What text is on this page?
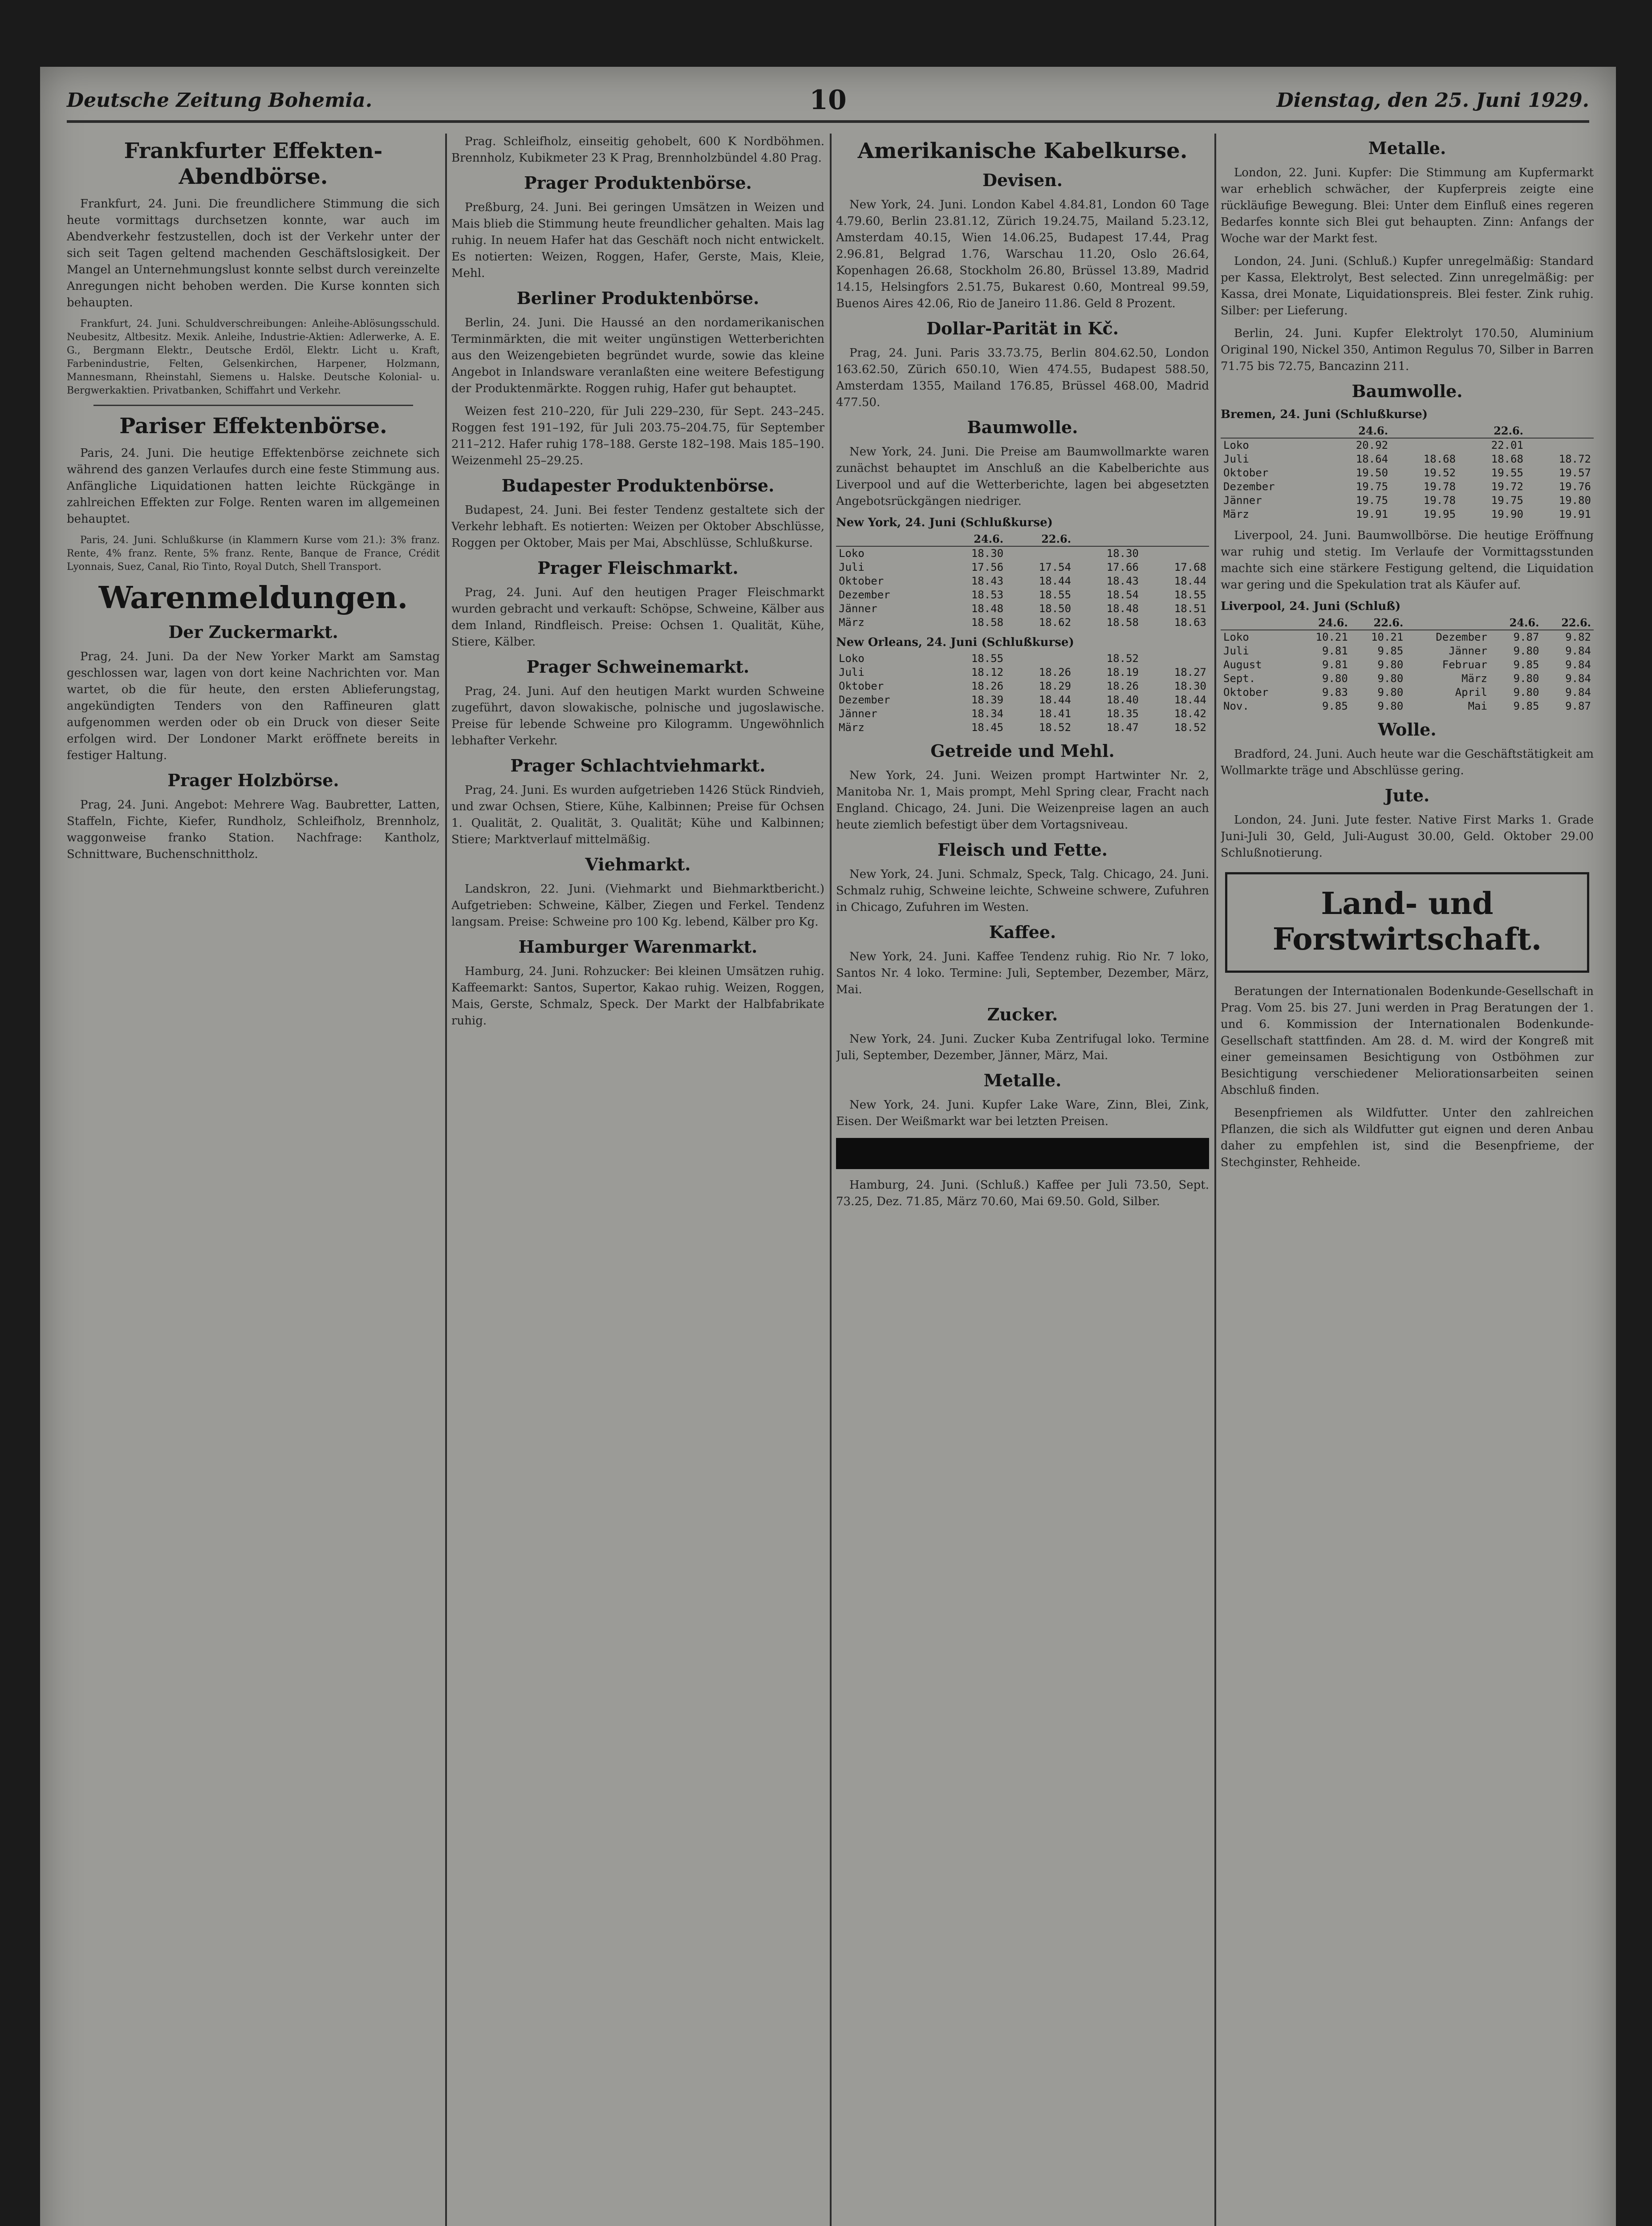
Deutsche Zeitung Bohemia.	10	Dienstag, den 25. Juni 1929.
Frankfurter Effekten-Abendbörse.

Frankfurt, 24. Juni. Die freundlichere Stimmung die sich heute vormittags durchsetzen konnte, war auch im Abendverkehr festzustellen, doch ist der Verkehr unter der sich seit Tagen geltend machenden Geschäftslosigkeit. Der Mangel an Unternehmungslust konnte selbst durch vereinzelte Anregungen nicht behoben werden. Die Kurse konnten sich behaupten.

Frankfurt, 24. Juni. Schuldverschreibungen: Anleihe-Ablösungsschuld. Neubesitz, Altbesitz. Mexik. Anleihe, Industrie-Aktien: Adlerwerke, A. E. G., Bergmann Elektr., Deutsche Erdöl, Elektr. Licht u. Kraft, Farbenindustrie, Felten, Gelsenkirchen, Harpener, Holzmann, Mannesmann, Rheinstahl, Siemens u. Halske. Deutsche Kolonial- u. Bergwerkaktien. Privatbanken, Schiffahrt und Verkehr.

Pariser Effektenbörse.

Paris, 24. Juni. Die heutige Effektenbörse zeichnete sich während des ganzen Verlaufes durch eine feste Stimmung aus. Anfängliche Liquidationen hatten leichte Rückgänge in zahlreichen Effekten zur Folge. Renten waren im allgemeinen behauptet.

Paris, 24. Juni. Schlußkurse (in Klammern Kurse vom 21.): 3% franz. Rente, 4% franz. Rente, 5% franz. Rente, Banque de France, Crédit Lyonnais, Suez, Canal, Rio Tinto, Royal Dutch, Shell Transport.

Warenmeldungen.
Der Zuckermarkt.

Prag, 24. Juni. Da der New Yorker Markt am Samstag geschlossen war, lagen von dort keine Nachrichten vor. Man wartet, ob die für heute, den ersten Ablieferungstag, angekündigten Tenders von den Raffineuren glatt aufgenommen werden oder ob ein Druck von dieser Seite erfolgen wird. Der Londoner Markt eröffnete bereits in festiger Haltung.

Prager Holzbörse.

Prag, 24. Juni. Angebot: Mehrere Wag. Baubretter, Latten, Staffeln, Fichte, Kiefer, Rundholz, Schleifholz, Brennholz, waggonweise franko Station. Nachfrage: Kantholz, Schnittware, Buchenschnittholz.

Prag. Schleifholz, einseitig gehobelt, 600 K Nordböhmen. Brennholz, Kubikmeter 23 K Prag, Brennholzbündel 4.80 Prag.

Prager Produktenbörse.

Preßburg, 24. Juni. Bei geringen Umsätzen in Weizen und Mais blieb die Stimmung heute freundlicher gehalten. Mais lag ruhig. In neuem Hafer hat das Geschäft noch nicht entwickelt. Es notierten: Weizen, Roggen, Hafer, Gerste, Mais, Kleie, Mehl.

Berliner Produktenbörse.

Berlin, 24. Juni. Die Haussé an den nordamerikanischen Terminmärkten, die mit weiter ungünstigen Wetterberichten aus den Weizengebieten begründet wurde, sowie das kleine Angebot in Inlandsware veranlaßten eine weitere Befestigung der Produktenmärkte. Roggen ruhig, Hafer gut behauptet.

Weizen fest 210–220, für Juli 229–230, für Sept. 243–245. Roggen fest 191–192, für Juli 203.75–204.75, für September 211–212. Hafer ruhig 178–188. Gerste 182–198. Mais 185–190. Weizenmehl 25–29.25.

Budapester Produktenbörse.

Budapest, 24. Juni. Bei fester Tendenz gestaltete sich der Verkehr lebhaft. Es notierten: Weizen per Oktober Abschlüsse, Roggen per Oktober, Mais per Mai, Abschlüsse, Schlußkurse.

Prager Fleischmarkt.

Prag, 24. Juni. Auf den heutigen Prager Fleischmarkt wurden gebracht und verkauft: Schöpse, Schweine, Kälber aus dem Inland, Rindfleisch. Preise: Ochsen 1. Qualität, Kühe, Stiere, Kälber.

Prager Schweinemarkt.

Prag, 24. Juni. Auf den heutigen Markt wurden Schweine zugeführt, davon slowakische, polnische und jugoslawische. Preise für lebende Schweine pro Kilogramm. Ungewöhnlich lebhafter Verkehr.

Prager Schlachtviehmarkt.

Prag, 24. Juni. Es wurden aufgetrieben 1426 Stück Rindvieh, und zwar Ochsen, Stiere, Kühe, Kalbinnen; Preise für Ochsen 1. Qualität, 2. Qualität, 3. Qualität; Kühe und Kalbinnen; Stiere; Marktverlauf mittelmäßig.

Viehmarkt.

Landskron, 22. Juni. (Viehmarkt und Biehmarktbericht.) Aufgetrieben: Schweine, Kälber, Ziegen und Ferkel. Tendenz langsam. Preise: Schweine pro 100 Kg. lebend, Kälber pro Kg.

Hamburger Warenmarkt.

Hamburg, 24. Juni. Rohzucker: Bei kleinen Umsätzen ruhig. Kaffeemarkt: Santos, Supertor, Kakao ruhig. Weizen, Roggen, Mais, Gerste, Schmalz, Speck. Der Markt der Halbfabrikate ruhig.

Amerikanische Kabelkurse.
Devisen.

New York, 24. Juni. London Kabel 4.84.81, London 60 Tage 4.79.60, Berlin 23.81.12, Zürich 19.24.75, Mailand 5.23.12, Amsterdam 40.15, Wien 14.06.25, Budapest 17.44, Prag 2.96.81, Belgrad 1.76, Warschau 11.20, Oslo 26.64, Kopenhagen 26.68, Stockholm 26.80, Brüssel 13.89, Madrid 14.15, Helsingfors 2.51.75, Bukarest 0.60, Montreal 99.59, Buenos Aires 42.06, Rio de Janeiro 11.86. Geld 8 Prozent.

Dollar-Parität in Kč.

Prag, 24. Juni. Paris 33.73.75, Berlin 804.62.50, London 163.62.50, Zürich 650.10, Wien 474.55, Budapest 588.50, Amsterdam 1355, Mailand 176.85, Brüssel 468.00, Madrid 477.50.

Baumwolle.

New York, 24. Juni. Die Preise am Baumwollmarkte waren zunächst behauptet im Anschluß an die Kabelberichte aus Liverpool und auf die Wetterberichte, lagen bei abgesetzten Angebotsrückgängen niedriger.

New York, 24. Juni (Schlußkurse)
	24.6.	22.6.		
Loko	18.30		18.30	
Juli	17.56	17.54	17.66	17.68
Oktober	18.43	18.44	18.43	18.44
Dezember	18.53	18.55	18.54	18.55
Jänner	18.48	18.50	18.48	18.51
März	18.58	18.62	18.58	18.63
New Orleans, 24. Juni (Schlußkurse)
Loko	18.55		18.52	
Juli	18.12	18.26	18.19	18.27
Oktober	18.26	18.29	18.26	18.30
Dezember	18.39	18.44	18.40	18.44
Jänner	18.34	18.41	18.35	18.42
März	18.45	18.52	18.47	18.52
Getreide und Mehl.

New York, 24. Juni. Weizen prompt Hartwinter Nr. 2, Manitoba Nr. 1, Mais prompt, Mehl Spring clear, Fracht nach England. Chicago, 24. Juni. Die Weizenpreise lagen an auch heute ziemlich befestigt über dem Vortagsniveau.

Fleisch und Fette.

New York, 24. Juni. Schmalz, Speck, Talg. Chicago, 24. Juni. Schmalz ruhig, Schweine leichte, Schweine schwere, Zufuhren in Chicago, Zufuhren im Westen.

Kaffee.

New York, 24. Juni. Kaffee Tendenz ruhig. Rio Nr. 7 loko, Santos Nr. 4 loko. Termine: Juli, September, Dezember, März, Mai.

Zucker.

New York, 24. Juni. Zucker Kuba Zentrifugal loko. Termine Juli, September, Dezember, Jänner, März, Mai.

Metalle.

New York, 24. Juni. Kupfer Lake Ware, Zinn, Blei, Zink, Eisen. Der Weißmarkt war bei letzten Preisen.

Hamburg, 24. Juni. (Schluß.) Kaffee per Juli 73.50, Sept. 73.25, Dez. 71.85, März 70.60, Mai 69.50. Gold, Silber.

Metalle.

London, 22. Juni. Kupfer: Die Stimmung am Kupfermarkt war erheblich schwächer, der Kupferpreis zeigte eine rückläufige Bewegung. Blei: Unter dem Einfluß eines regeren Bedarfes konnte sich Blei gut behaupten. Zinn: Anfangs der Woche war der Markt fest.

London, 24. Juni. (Schluß.) Kupfer unregelmäßig: Standard per Kassa, Elektrolyt, Best selected. Zinn unregelmäßig: per Kassa, drei Monate, Liquidationspreis. Blei fester. Zink ruhig. Silber: per Lieferung.

Berlin, 24. Juni. Kupfer Elektrolyt 170.50, Aluminium Original 190, Nickel 350, Antimon Regulus 70, Silber in Barren 71.75 bis 72.75, Bancazinn 211.

Baumwolle.
Bremen, 24. Juni (Schlußkurse)
	24.6.		22.6.	
Loko	20.92		22.01	
Juli	18.64	18.68	18.68	18.72
Oktober	19.50	19.52	19.55	19.57
Dezember	19.75	19.78	19.72	19.76
Jänner	19.75	19.78	19.75	19.80
März	19.91	19.95	19.90	19.91

Liverpool, 24. Juni. Baumwollbörse. Die heutige Eröffnung war ruhig und stetig. Im Verlaufe der Vormittagsstunden machte sich eine stärkere Festigung geltend, die Liquidation war gering und die Spekulation trat als Käufer auf.

Liverpool, 24. Juni (Schluß)
	24.6.	22.6.		24.6.	22.6.
Loko	10.21	10.21	Dezember	9.87	9.82
Juli	9.81	9.85	Jänner	9.80	9.84
August	9.81	9.80	Februar	9.85	9.84
Sept.	9.80	9.80	März	9.80	9.84
Oktober	9.83	9.80	April	9.80	9.84
Nov.	9.85	9.80	Mai	9.85	9.87
Wolle.

Bradford, 24. Juni. Auch heute war die Geschäftstätigkeit am Wollmarkte träge und Abschlüsse gering.

Jute.

London, 24. Juni. Jute fester. Native First Marks 1. Grade Juni-Juli 30, Geld, Juli-August 30.00, Geld. Oktober 29.00 Schlußnotierung.

Land- und Forstwirtschaft.

Beratungen der Internationalen Bodenkunde-Gesellschaft in Prag. Vom 25. bis 27. Juni werden in Prag Beratungen der 1. und 6. Kommission der Internationalen Bodenkunde-Gesellschaft stattfinden. Am 28. d. M. wird der Kongreß mit einer gemeinsamen Besichtigung von Ostböhmen zur Besichtigung verschiedener Meliorationsarbeiten seinen Abschluß finden.

Besenpfriemen als Wildfutter. Unter den zahlreichen Pflanzen, die sich als Wildfutter gut eignen und deren Anbau daher zu empfehlen ist, sind die Besenpfrieme, der Stechginster, Rehheide.
